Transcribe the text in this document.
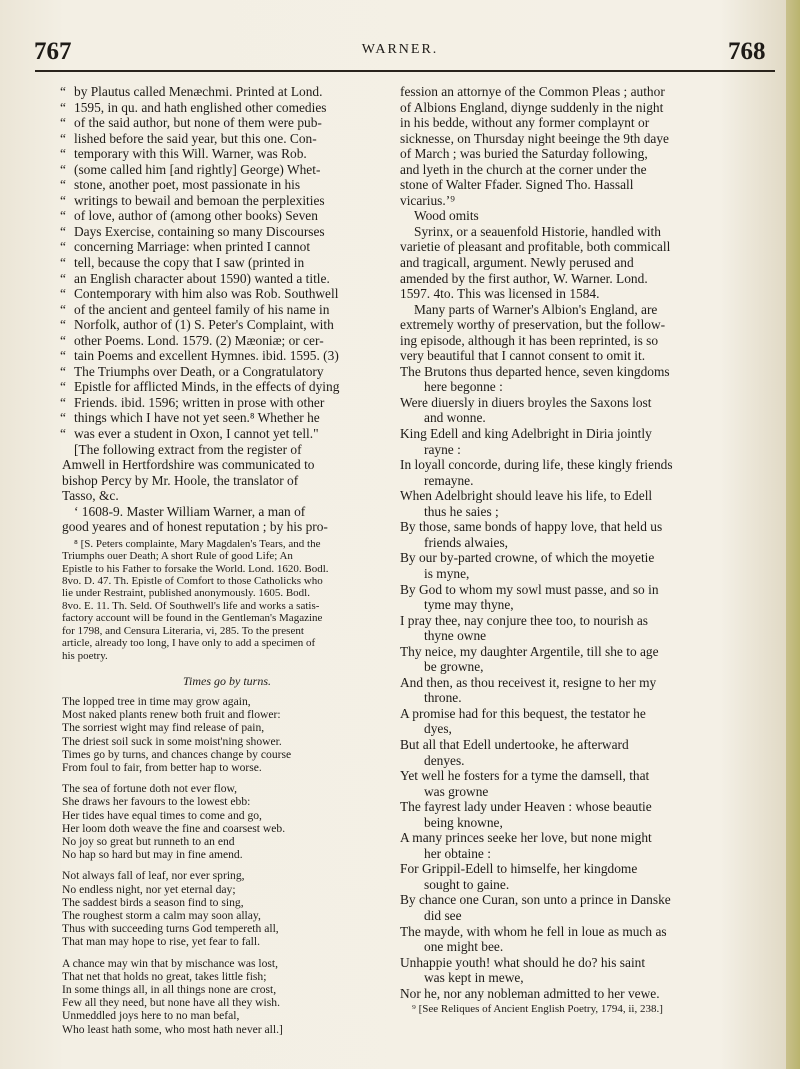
767	WARNER.	768
“ by Plautus called Menæchmi. Printed at Lond.
“ 1595, in qu. and hath englished other comedies
“ of the said author, but none of them were pub-
“ lished before the said year, but this one. Con-
“ temporary with this Will. Warner, was Rob.
“ (some called him [and rightly] George) Whet-
“ stone, another poet, most passionate in his
“ writings to bewail and bemoan the perplexities
“ of love, author of (among other books) Seven
“ Days Exercise, containing so many Discourses
“ concerning Marriage: when printed I cannot
“ tell, because the copy that I saw (printed in
“ an English character about 1590) wanted a title.
“ Contemporary with him also was Rob. Southwell
“ of the ancient and genteel family of his name in
“ Norfolk, author of (1) S. Peter's Complaint, with
“ other Poems. Lond. 1579. (2) Mæoniæ; or cer-
“ tain Poems and excellent Hymnes. ibid. 1595. (3)
“ The Triumphs over Death, or a Congratulatory
“ Epistle for afflicted Minds, in the effects of dying
“ Friends. ibid. 1596; written in prose with other
“ things which I have not yet seen.⁸ Whether he
“ was ever a student in Oxon, I cannot yet tell."
[The following extract from the register of
Amwell in Hertfordshire was communicated to
bishop Percy by Mr. Hoole, the translator of
Tasso, &c.
‘ 1608-9. Master William Warner, a man of
good yeares and of honest reputation ; by his pro-
⁸ [S. Peters complainte, Mary Magdalen's Tears, and the
Triumphs ouer Death; A short Rule of good Life; An
Epistle to his Father to forsake the World. Lond. 1620. Bodl.
8vo. D. 47. Th. Epistle of Comfort to those Catholicks who
lie under Restraint, published anonymously. 1605. Bodl.
8vo. E. 11. Th. Seld. Of Southwell's life and works a satis-
factory account will be found in the Gentleman's Magazine
for 1798, and Censura Literaria, vi, 285. To the present
article, already too long, I have only to add a specimen of
his poetry.
Times go by turns.
The lopped tree in time may grow again,
Most naked plants renew both fruit and flower:
The sorriest wight may find release of pain,
The driest soil suck in some moist'ning shower.
Times go by turns, and chances change by course
From foul to fair, from better hap to worse.
The sea of fortune doth not ever flow,
She draws her favours to the lowest ebb:
Her tides have equal times to come and go,
Her loom doth weave the fine and coarsest web.
No joy so great but runneth to an end
No hap so hard but may in fine amend.
Not always fall of leaf, nor ever spring,
No endless night, nor yet eternal day;
The saddest birds a season find to sing,
The roughest storm a calm may soon allay,
Thus with succeeding turns God tempereth all,
That man may hope to rise, yet fear to fall.
A chance may win that by mischance was lost,
That net that holds no great, takes little fish;
In some things all, in all things none are crost,
Few all they need, but none have all they wish.
Unmeddled joys here to no man befal,
Who least hath some, who most hath never all.]
fession an attornye of the Common Pleas ; author
of Albions England, diynge suddenly in the night
in his bedde, without any former complaynt or
sicknesse, on Thursday night beeinge the 9th daye
of March ; was buried the Saturday following,
and lyeth in the church at the corner under the
stone of Walter Ffader. Signed Tho. Hassall
vicarius.’⁹
Wood omits
Syrinx, or a seauenfold Historie, handled with
varietie of pleasant and profitable, both commicall
and tragicall, argument. Newly perused and
amended by the first author, W. Warner. Lond.
1597. 4to. This was licensed in 1584.
Many parts of Warner's Albion's England, are
extremely worthy of preservation, but the follow-
ing episode, although it has been reprinted, is so
very beautiful that I cannot consent to omit it.
The Brutons thus departed hence, seven kingdoms
here begonne :
Were diuersly in diuers broyles the Saxons lost
and wonne.
King Edell and king Adelbright in Diria jointly
rayne :
In loyall concorde, during life, these kingly friends
remayne.
When Adelbright should leave his life, to Edell
thus he saies ;
By those, same bonds of happy love, that held us
friends alwaies,
By our by-parted crowne, of which the moyetie
is myne,
By God to whom my sowl must passe, and so in
tyme may thyne,
I pray thee, nay conjure thee too, to nourish as
thyne owne
Thy neice, my daughter Argentile, till she to age
be growne,
And then, as thou receivest it, resigne to her my
throne.
A promise had for this bequest, the testator he
dyes,
But all that Edell undertooke, he afterward
denyes.
Yet well he fosters for a tyme the damsell, that
was growne
The fayrest lady under Heaven : whose beautie
being knowne,
A many princes seeke her love, but none might
her obtaine :
For Grippil-Edell to himselfe, her kingdome
sought to gaine.
By chance one Curan, son unto a prince in Danske
did see
The mayde, with whom he fell in loue as much as
one might bee.
Unhappie youth! what should he do? his saint
was kept in mewe,
Nor he, nor any nobleman admitted to her vewe.
⁹ [See Reliques of Ancient English Poetry, 1794, ii, 238.]
